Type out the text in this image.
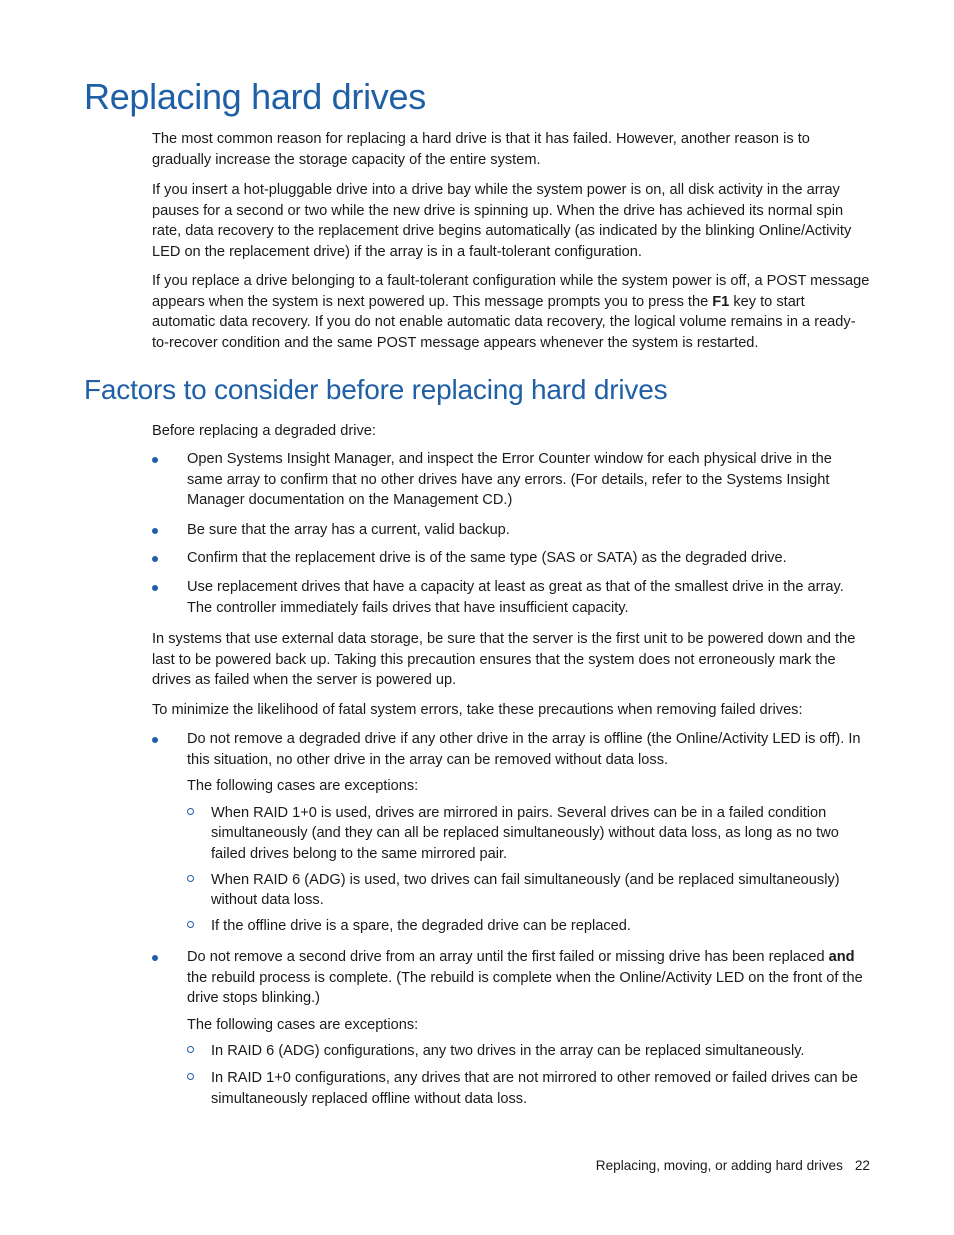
Replacing hard drives

The most common reason for replacing a hard drive is that it has failed. However, another reason is to gradually increase the storage capacity of the entire system.

If you insert a hot-pluggable drive into a drive bay while the system power is on, all disk activity in the array pauses for a second or two while the new drive is spinning up. When the drive has achieved its normal spin rate, data recovery to the replacement drive begins automatically (as indicated by the blinking Online/Activity LED on the replacement drive) if the array is in a fault-tolerant configuration.

If you replace a drive belonging to a fault-tolerant configuration while the system power is off, a POST message appears when the system is next powered up. This message prompts you to press the F1 key to start automatic data recovery. If you do not enable automatic data recovery, the logical volume remains in a ready-to-recover condition and the same POST message appears whenever the system is restarted.

Factors to consider before replacing hard drives

Before replacing a degraded drive:

Open Systems Insight Manager, and inspect the Error Counter window for each physical drive in the same array to confirm that no other drives have any errors. (For details, refer to the Systems Insight Manager documentation on the Management CD.)
Be sure that the array has a current, valid backup.
Confirm that the replacement drive is of the same type (SAS or SATA) as the degraded drive.
Use replacement drives that have a capacity at least as great as that of the smallest drive in the array. The controller immediately fails drives that have insufficient capacity.

In systems that use external data storage, be sure that the server is the first unit to be powered down and the last to be powered back up. Taking this precaution ensures that the system does not erroneously mark the drives as failed when the server is powered up.

To minimize the likelihood of fatal system errors, take these precautions when removing failed drives:

Do not remove a degraded drive if any other drive in the array is offline (the Online/Activity LED is off). In this situation, no other drive in the array can be removed without data loss.
The following cases are exceptions:
When RAID 1+0 is used, drives are mirrored in pairs. Several drives can be in a failed condition simultaneously (and they can all be replaced simultaneously) without data loss, as long as no two failed drives belong to the same mirrored pair.
When RAID 6 (ADG) is used, two drives can fail simultaneously (and be replaced simultaneously) without data loss.
If the offline drive is a spare, the degraded drive can be replaced.
Do not remove a second drive from an array until the first failed or missing drive has been replaced and the rebuild process is complete. (The rebuild is complete when the Online/Activity LED on the front of the drive stops blinking.)
The following cases are exceptions:
In RAID 6 (ADG) configurations, any two drives in the array can be replaced simultaneously.
In RAID 1+0 configurations, any drives that are not mirrored to other removed or failed drives can be simultaneously replaced offline without data loss.
Replacing, moving, or adding hard drives 22
